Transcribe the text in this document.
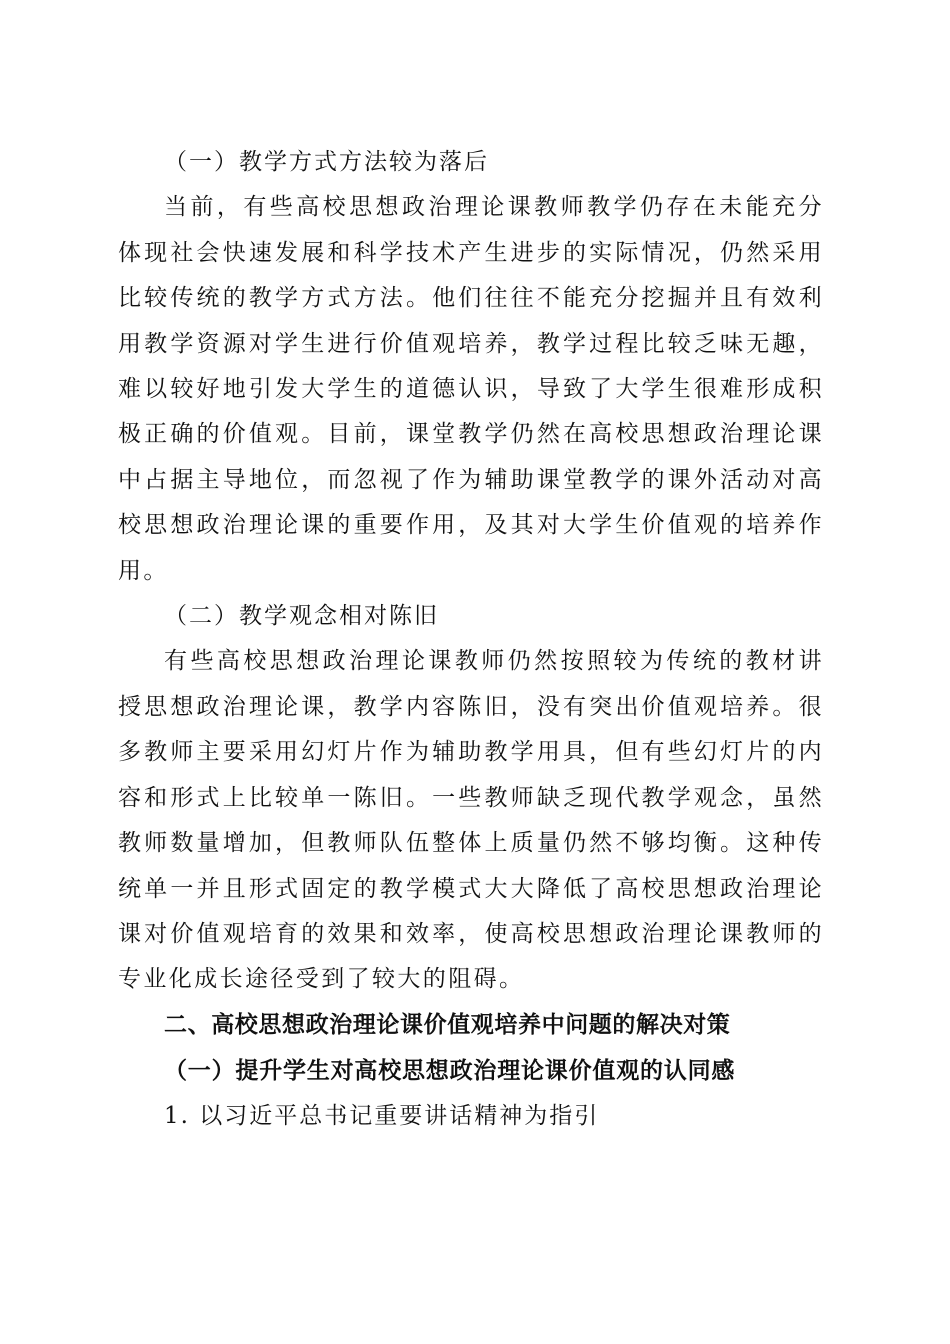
（一）教学方式方法较为落后

当前，有些高校思想政治理论课教师教学仍存在未能充分体现社会快速发展和科学技术产生进步的实际情况，仍然采用比较传统的教学方式方法。他们往往不能充分挖掘并且有效利用教学资源对学生进行价值观培养，教学过程比较乏味无趣，难以较好地引发大学生的道德认识，导致了大学生很难形成积极正确的价值观。目前，课堂教学仍然在高校思想政治理论课中占据主导地位，而忽视了作为辅助课堂教学的课外活动对高校思想政治理论课的重要作用，及其对大学生价值观的培养作用。

（二）教学观念相对陈旧

有些高校思想政治理论课教师仍然按照较为传统的教材讲授思想政治理论课，教学内容陈旧，没有突出价值观培养。很多教师主要采用幻灯片作为辅助教学用具，但有些幻灯片的内容和形式上比较单一陈旧。一些教师缺乏现代教学观念，虽然教师数量增加，但教师队伍整体上质量仍然不够均衡。这种传统单一并且形式固定的教学模式大大降低了高校思想政治理论课对价值观培育的效果和效率，使高校思想政治理论课教师的专业化成长途径受到了较大的阻碍。

二、高校思想政治理论课价值观培养中问题的解决对策

（一）提升学生对高校思想政治理论课价值观的认同感

1. 以习近平总书记重要讲话精神为指引
